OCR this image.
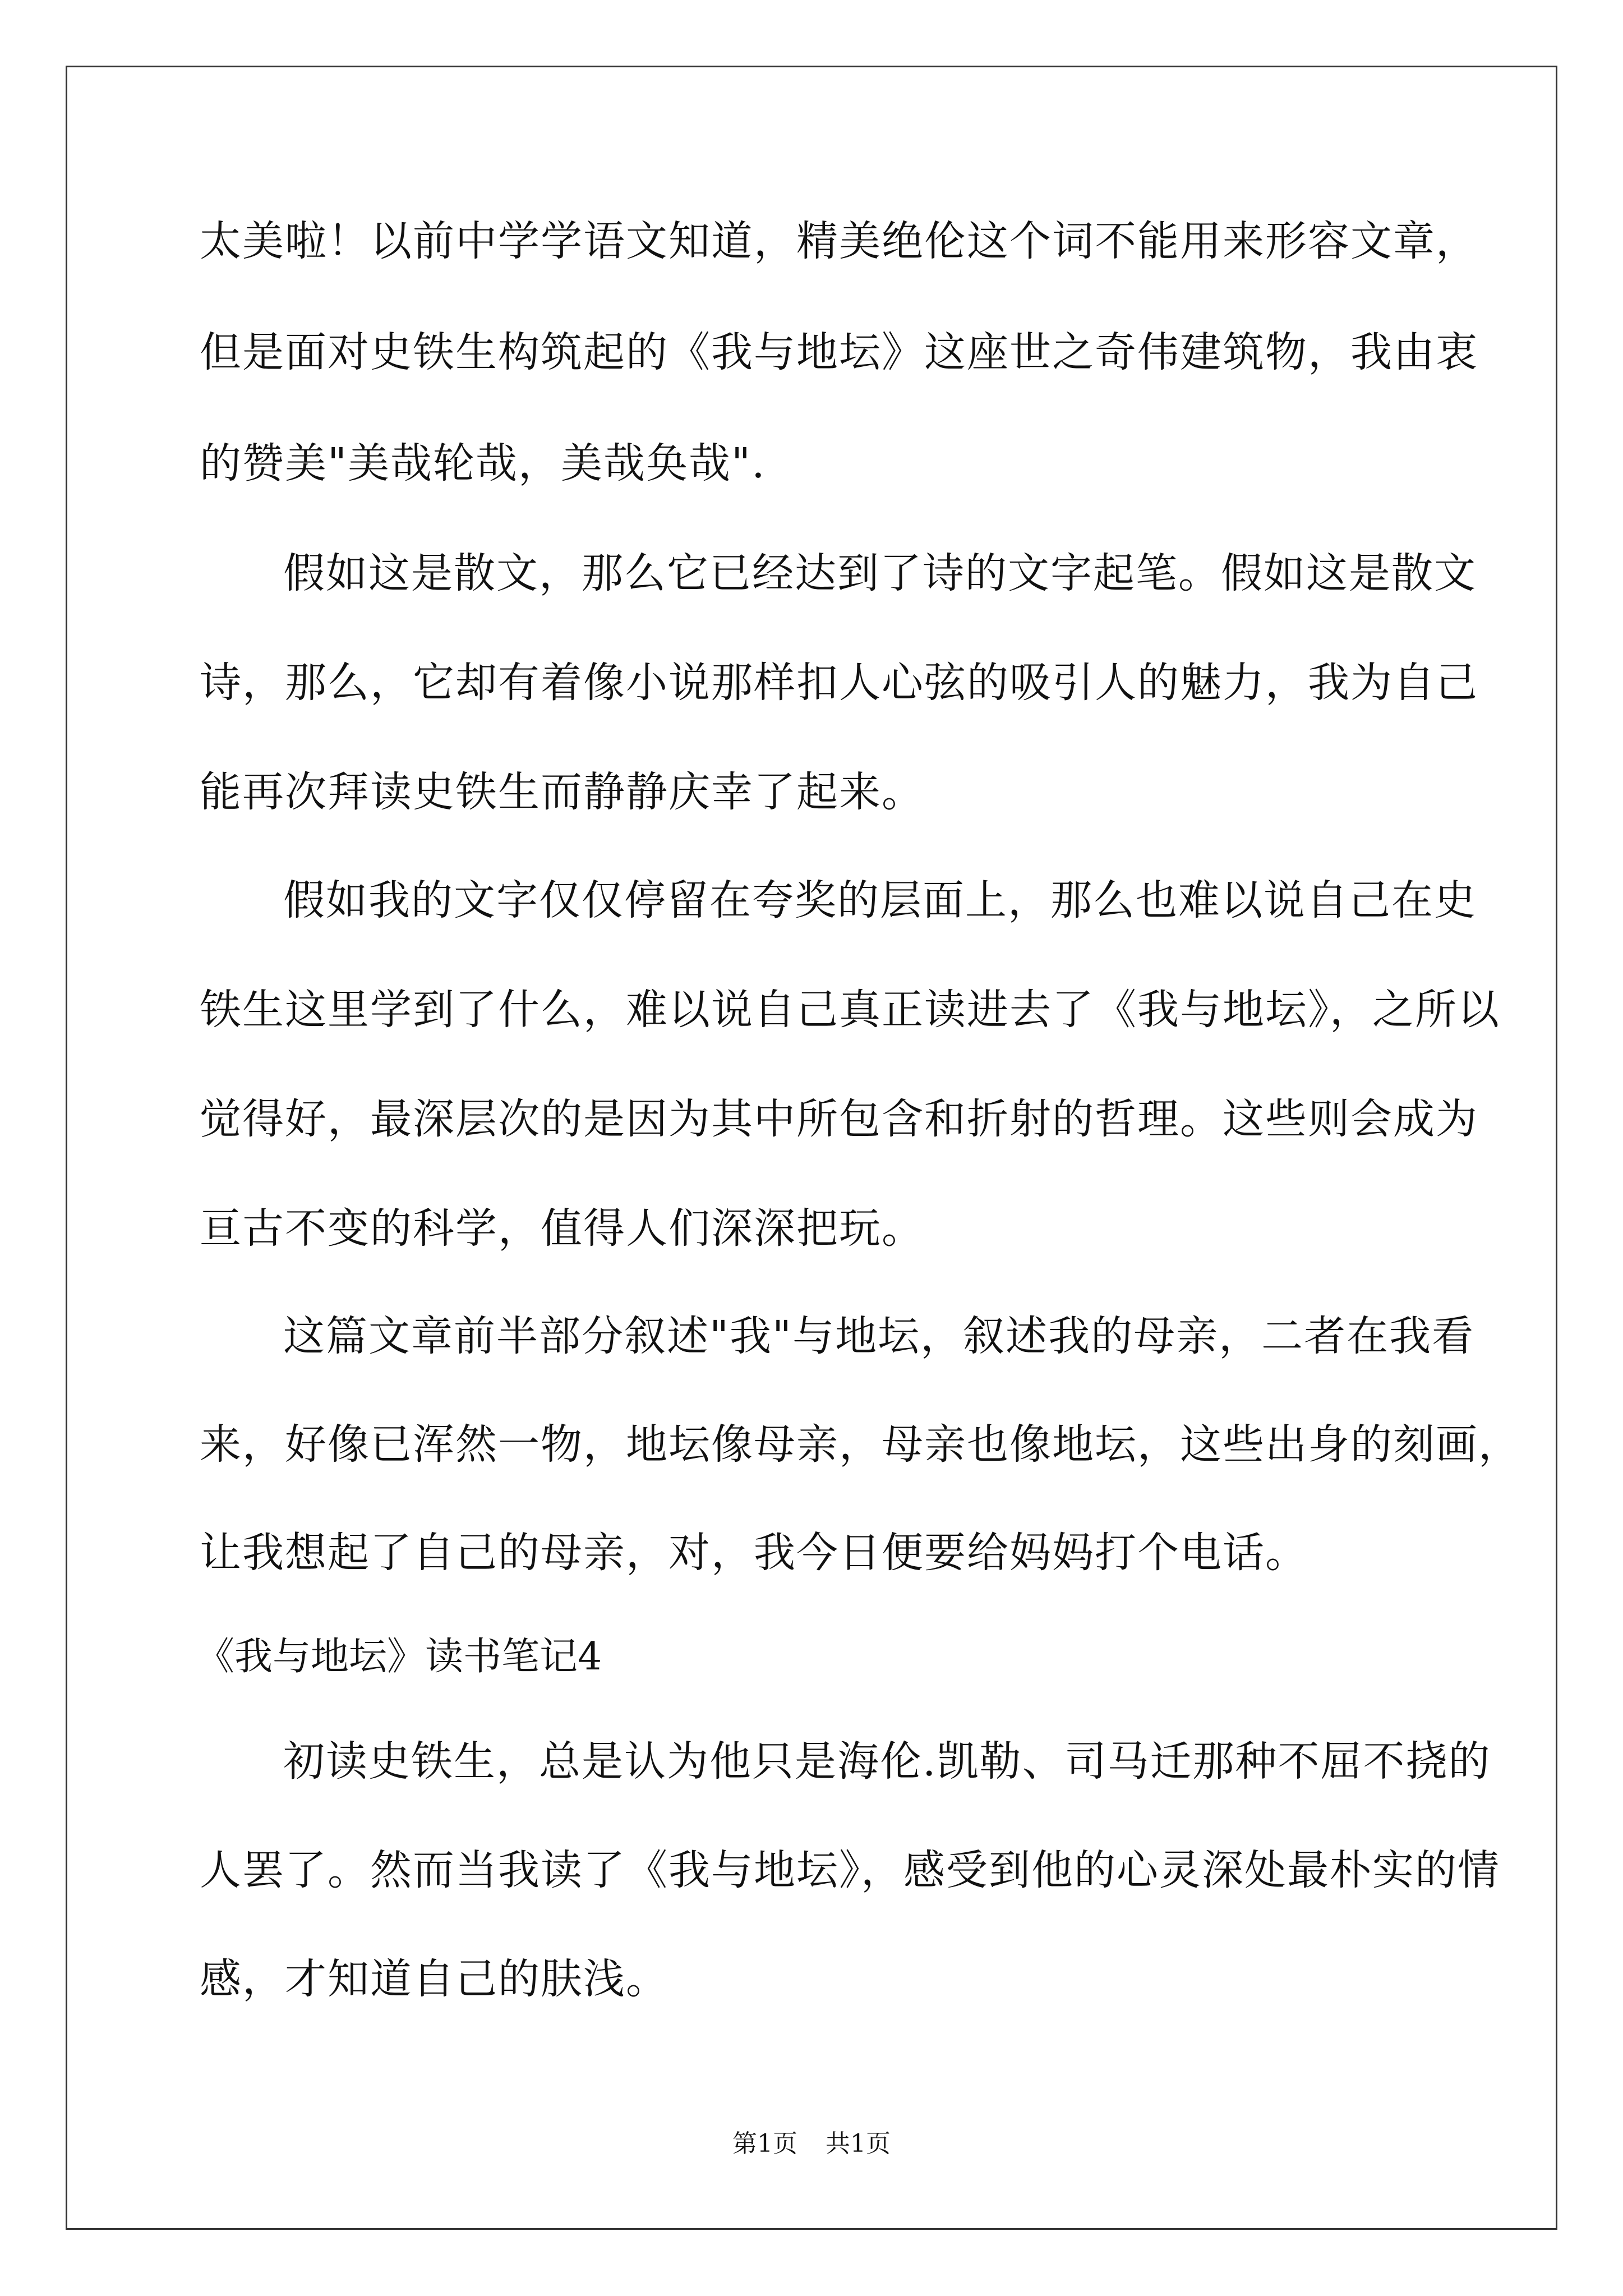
太美啦！以前中学学语文知道，精美绝伦这个词不能用来形容文章，

但是面对史铁生构筑起的《我与地坛》这座世之奇伟建筑物，我由衷

的赞美"美哉轮哉，美哉奂哉".

假如这是散文，那么它已经达到了诗的文字起笔。假如这是散文

诗，那么，它却有着像小说那样扣人心弦的吸引人的魅力，我为自己

能再次拜读史铁生而静静庆幸了起来。

假如我的文字仅仅停留在夸奖的层面上，那么也难以说自己在史

铁生这里学到了什么，难以说自己真正读进去了《我与地坛》，之所以

觉得好，最深层次的是因为其中所包含和折射的哲理。这些则会成为

亘古不变的科学，值得人们深深把玩。

这篇文章前半部分叙述"我"与地坛，叙述我的母亲，二者在我看

来，好像已浑然一物，地坛像母亲，母亲也像地坛，这些出身的刻画，

让我想起了自己的母亲，对，我今日便要给妈妈打个电话。

《我与地坛》读书笔记4

初读史铁生，总是认为他只是海伦.凯勒、司马迁那种不屈不挠的

人罢了。然而当我读了《我与地坛》，感受到他的心灵深处最朴实的情

感，才知道自己的肤浅。

第1页 共1页
